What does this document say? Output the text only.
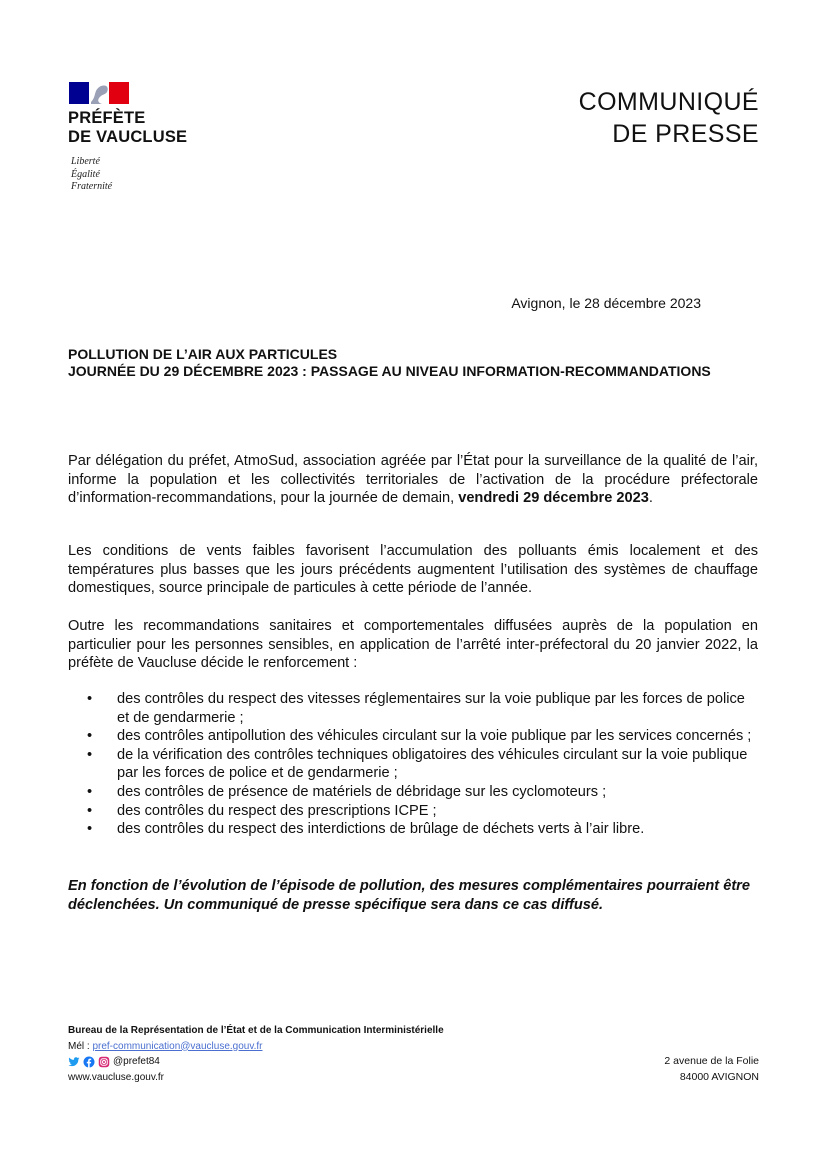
PRÉFÈTE
DE VAUCLUSE
Liberté
Égalité
Fraternité
COMMUNIQUÉ
DE PRESSE
Avignon, le 28 décembre 2023
POLLUTION DE L’AIR AUX PARTICULES
JOURNÉE DU 29 DÉCEMBRE 2023 : PASSAGE AU NIVEAU INFORMATION-RECOMMANDATIONS
Par délégation du préfet, AtmoSud, association agréée par l’État pour la surveillance de la qualité de l’air, informe la population et les collectivités territoriales de l’activation de la procédure préfectorale d’information-recommandations, pour la journée de demain, vendredi 29 décembre 2023.
Les conditions de vents faibles favorisent l’accumulation des polluants émis localement et des températures plus basses que les jours précédents augmentent l’utilisation des systèmes de chauffage domestiques, source principale de particules à cette période de l’année.
Outre les recommandations sanitaires et comportementales diffusées auprès de la population en particulier pour les personnes sensibles, en application de l’arrêté inter-préfectoral du 20 janvier 2022, la préfète de Vaucluse décide le renforcement :
• des contrôles du respect des vitesses réglementaires sur la voie publique par les forces de police et de gendarmerie ;
• des contrôles antipollution des véhicules circulant sur la voie publique par les services concernés ;
• de la vérification des contrôles techniques obligatoires des véhicules circulant sur la voie publique par les forces de police et de gendarmerie ;
• des contrôles de présence de matériels de débridage sur les cyclomoteurs ;
• des contrôles du respect des prescriptions ICPE ;
• des contrôles du respect des interdictions de brûlage de déchets verts à l’air libre.
En fonction de l’évolution de l’épisode de pollution, des mesures complémentaires pourraient être déclenchées. Un communiqué de presse spécifique sera dans ce cas diffusé.
Bureau de la Représentation de l’État et de la Communication Interministérielle
Mél : pref-communication@vaucluse.gouv.fr
@prefet84
www.vaucluse.gouv.fr
2 avenue de la Folie
84000 AVIGNON
